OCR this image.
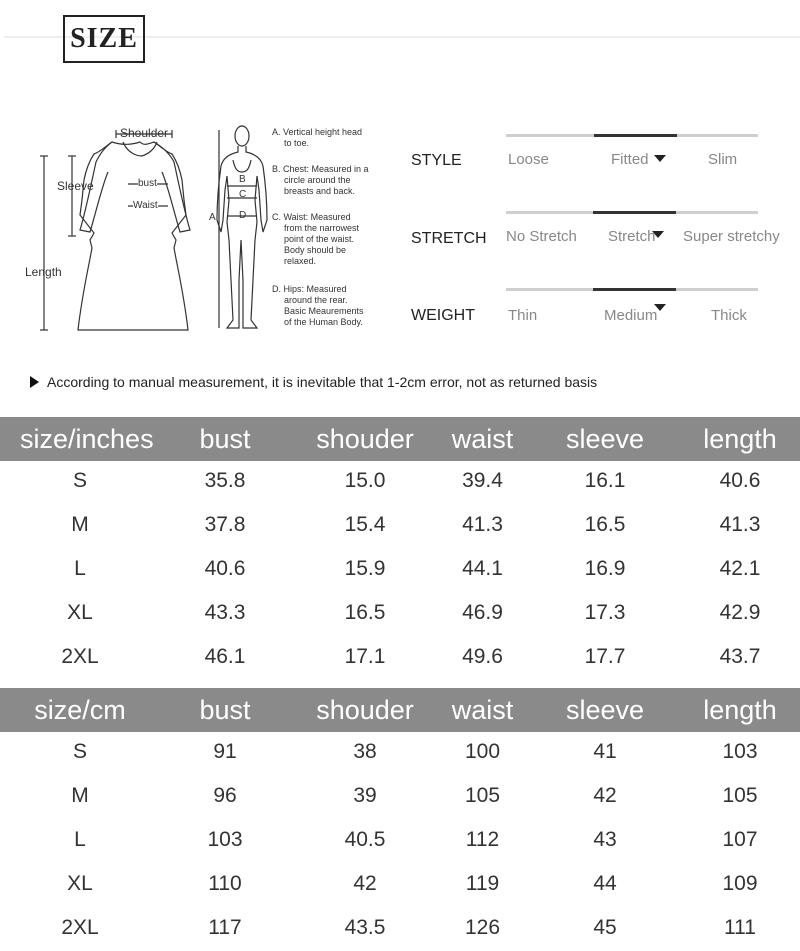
SIZE
Shoulder
Sleeve
Length
bust
Waist
A
B
C
D
A. Vertical height head
to toe.
B. Chest: Measured in a
circle around the
breasts and back.
C. Waist: Measured
from the narrowest
point of the waist.
Body should be
relaxed.
D. Hips: Measured
around the rear.
Basic Meaurements
of the Human Body.
STYLE	Loose	Fitted	Slim
STRETCH No Stretch Stretch Super stretchy
WEIGHT Thin	Medium	Thick
According to manual measurement, it is inevitable that 1-2cm error, not as returned basis
size/inches	bust	shouder	waist	sleeve	length
S	35.8	15.0	39.4	16.1	40.6
M	37.8	15.4	41.3	16.5	41.3
L	40.6	15.9	44.1	16.9	42.1
XL	43.3	16.5	46.9	17.3	42.9
2XL	46.1	17.1	49.6	17.7	43.7
size/cm	bust	shouder	waist	sleeve	length
S	91	38	100	41	103
M	96	39	105	42	105
L	103	40.5	112	43	107
XL	110	42	119	44	109
2XL	117	43.5	126	45	111
